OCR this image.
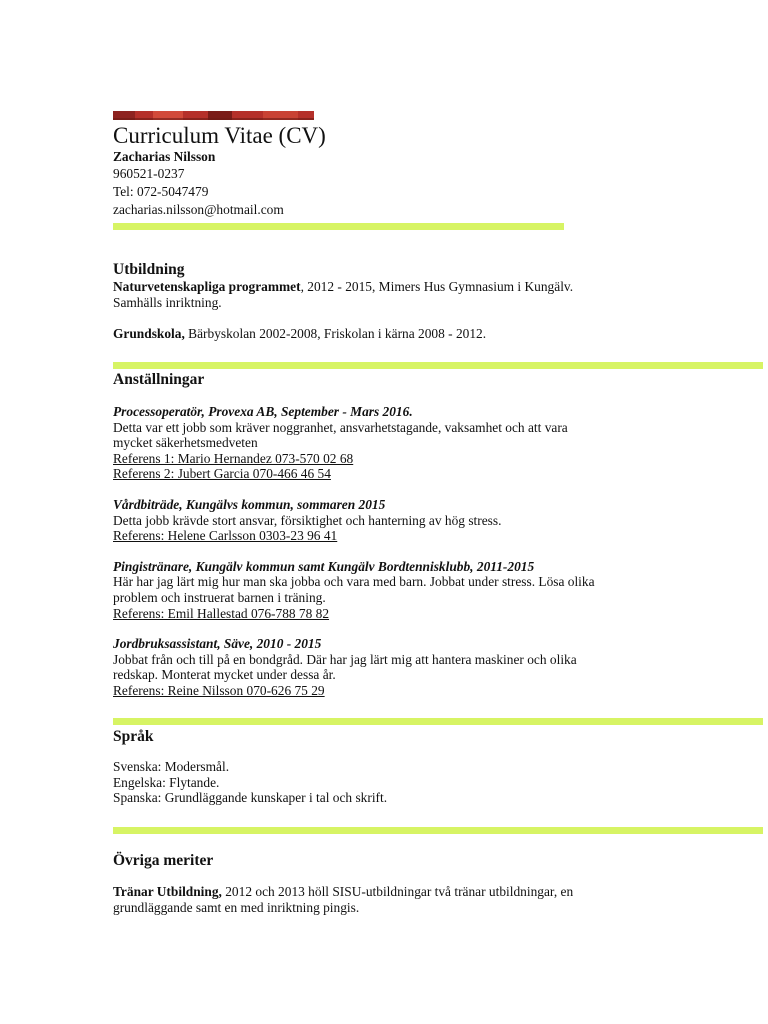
Curriculum Vitae (CV)
Zacharias Nilsson
960521-0237
Tel: 072-5047479
zacharias.nilsson@hotmail.com
Utbildning
Naturvetenskapliga programmet, 2012 - 2015, Mimers Hus Gymnasium i Kungälv.
Samhälls inriktning.
Grundskola, Bärbyskolan 2002-2008, Friskolan i kärna 2008 - 2012.
Anställningar
Processoperatör, Provexa AB, September - Mars 2016.
Detta var ett jobb som kräver noggranhet, ansvarhetstagande, vaksamhet och att vara
mycket säkerhetsmedveten
Referens 1: Mario Hernandez 073-570 02 68
Referens 2: Jubert Garcia 070-466 46 54
Vårdbiträde, Kungälvs kommun, sommaren 2015
Detta jobb krävde stort ansvar, försiktighet och hanterning av hög stress.
Referens: Helene Carlsson 0303-23 96 41
Pingistränare, Kungälv kommun samt Kungälv Bordtennisklubb, 2011-2015
Här har jag lärt mig hur man ska jobba och vara med barn. Jobbat under stress. Lösa olika
problem och instruerat barnen i träning.
Referens: Emil Hallestad 076-788 78 82
Jordbruksassistant, Säve, 2010 - 2015
Jobbat från och till på en bondgråd. Där har jag lärt mig att hantera maskiner och olika
redskap. Monterat mycket under dessa år.
Referens: Reine Nilsson 070-626 75 29
Språk
Svenska: Modersmål.
Engelska: Flytande.
Spanska: Grundläggande kunskaper i tal och skrift.
Övriga meriter
Tränar Utbildning, 2012 och 2013 höll SISU-utbildningar två tränar utbildningar, en
grundläggande samt en med inriktning pingis.
